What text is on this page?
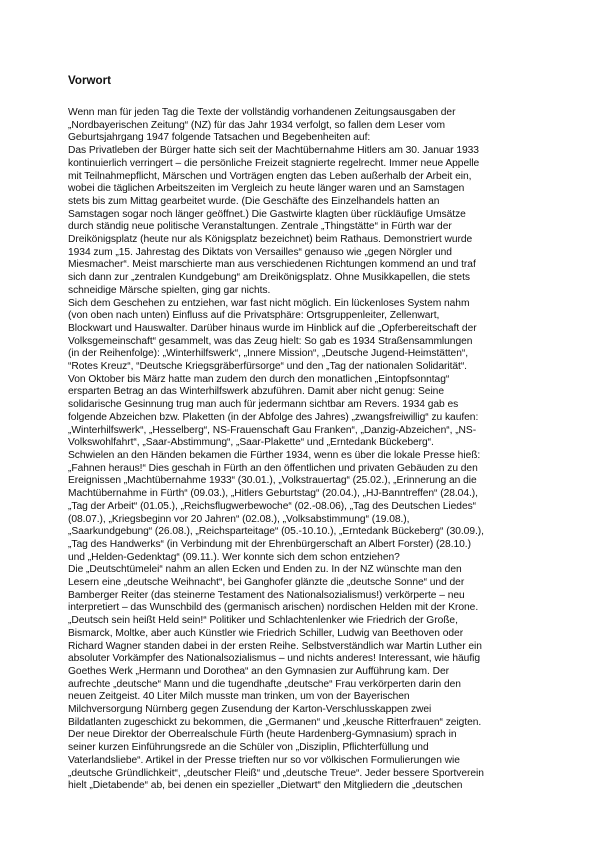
Vorwort
Wenn man für jeden Tag die Texte der vollständig vorhandenen Zeitungsausgaben der
„Nordbayerischen Zeitung“ (NZ) für das Jahr 1934 verfolgt, so fallen dem Leser vom
Geburtsjahrgang 1947 folgende Tatsachen und Begebenheiten auf:
Das Privatleben der Bürger hatte sich seit der Machtübernahme Hitlers am 30. Januar 1933
kontinuierlich verringert – die persönliche Freizeit stagnierte regelrecht. Immer neue Appelle
mit Teilnahmepflicht, Märschen und Vorträgen engten das Leben außerhalb der Arbeit ein,
wobei die täglichen Arbeitszeiten im Vergleich zu heute länger waren und an Samstagen
stets bis zum Mittag gearbeitet wurde. (Die Geschäfte des Einzelhandels hatten an
Samstagen sogar noch länger geöffnet.) Die Gastwirte klagten über rückläufige Umsätze
durch ständig neue politische Veranstaltungen. Zentrale „Thingstätte“ in Fürth war der
Dreikönigsplatz (heute nur als Königsplatz bezeichnet) beim Rathaus. Demonstriert wurde
1934 zum „15. Jahrestag des Diktats von Versailles“ genauso wie „gegen Nörgler und
Miesmacher“. Meist marschierte man aus verschiedenen Richtungen kommend an und traf
sich dann zur „zentralen Kundgebung“ am Dreikönigsplatz. Ohne Musikkapellen, die stets
schneidige Märsche spielten, ging gar nichts.
Sich dem Geschehen zu entziehen, war fast nicht möglich. Ein lückenloses System nahm
(von oben nach unten) Einfluss auf die Privatsphäre: Ortsgruppenleiter, Zellenwart,
Blockwart und Hauswalter. Darüber hinaus wurde im Hinblick auf die „Opferbereitschaft der
Volksgemeinschaft“ gesammelt, was das Zeug hielt: So gab es 1934 Straßensammlungen
(in der Reihenfolge): „Winterhilfswerk“, „Innere Mission“, „Deutsche Jugend-Heimstätten“,
“Rotes Kreuz“, “Deutsche Kriegsgräberfürsorge“ und den „Tag der nationalen Solidarität“.
Von Oktober bis März hatte man zudem den durch den monatlichen „Eintopfsonntag“
ersparten Betrag an das Winterhilfswerk abzuführen. Damit aber nicht genug: Seine
solidarische Gesinnung trug man auch für jedermann sichtbar am Revers. 1934 gab es
folgende Abzeichen bzw. Plaketten (in der Abfolge des Jahres) „zwangsfreiwillig“ zu kaufen:
„Winterhilfswerk“, „Hesselberg“, NS-Frauenschaft Gau Franken“, „Danzig-Abzeichen“, „NS-
Volkswohlfahrt“, „Saar-Abstimmung“, „Saar-Plakette“ und „Erntedank Bückeberg“.
Schwielen an den Händen bekamen die Fürther 1934, wenn es über die lokale Presse hieß:
„Fahnen heraus!“ Dies geschah in Fürth an den öffentlichen und privaten Gebäuden zu den
Ereignissen „Machtübernahme 1933“ (30.01.), „Volkstrauertag“ (25.02.), „Erinnerung an die
Machtübernahme in Fürth“ (09.03.), „Hitlers Geburtstag“ (20.04.), „HJ-Banntreffen“ (28.04.),
„Tag der Arbeit“ (01.05.), „Reichsflugwerbewoche“ (02.-08.06), „Tag des Deutschen Liedes“
(08.07.), „Kriegsbeginn vor 20 Jahren“ (02.08.), „Volksabstimmung“ (19.08.),
„Saarkundgebung“ (26.08.), „Reichsparteitage“ (05.-10.10.), „Erntedank Bückeberg“ (30.09.),
„Tag des Handwerks“ (in Verbindung mit der Ehrenbürgerschaft an Albert Forster) (28.10.)
und „Helden-Gedenktag“ (09.11.). Wer konnte sich dem schon entziehen?
Die „Deutschtümelei“ nahm an allen Ecken und Enden zu. In der NZ wünschte man den
Lesern eine „deutsche Weihnacht“, bei Ganghofer glänzte die „deutsche Sonne“ und der
Bamberger Reiter (das steinerne Testament des Nationalsozialismus!) verkörperte – neu
interpretiert – das Wunschbild des (germanisch arischen) nordischen Helden mit der Krone.
„Deutsch sein heißt Held sein!“ Politiker und Schlachtenlenker wie Friedrich der Große,
Bismarck, Moltke, aber auch Künstler wie Friedrich Schiller, Ludwig van Beethoven oder
Richard Wagner standen dabei in der ersten Reihe. Selbstverständlich war Martin Luther ein
absoluter Vorkämpfer des Nationalsozialismus – und nichts anderes! Interessant, wie häufig
Goethes Werk „Hermann und Dorothea“ an den Gymnasien zur Aufführung kam. Der
aufrechte „deutsche“ Mann und die tugendhafte „deutsche“ Frau verkörperten darin den
neuen Zeitgeist. 40 Liter Milch musste man trinken, um von der Bayerischen
Milchversorgung Nürnberg gegen Zusendung der Karton-Verschlusskappen zwei
Bildatlanten zugeschickt zu bekommen, die „Germanen“ und „keusche Ritterfrauen“ zeigten.
Der neue Direktor der Oberrealschule Fürth (heute Hardenberg-Gymnasium) sprach in
seiner kurzen Einführungsrede an die Schüler von „Disziplin, Pflichterfüllung und
Vaterlandsliebe“. Artikel in der Presse trieften nur so vor völkischen Formulierungen wie
„deutsche Gründlichkeit“, „deutscher Fleiß“ und „deutsche Treue“. Jeder bessere Sportverein
hielt „Dietabende“ ab, bei denen ein spezieller „Dietwart“ den Mitgliedern die „deutschen
